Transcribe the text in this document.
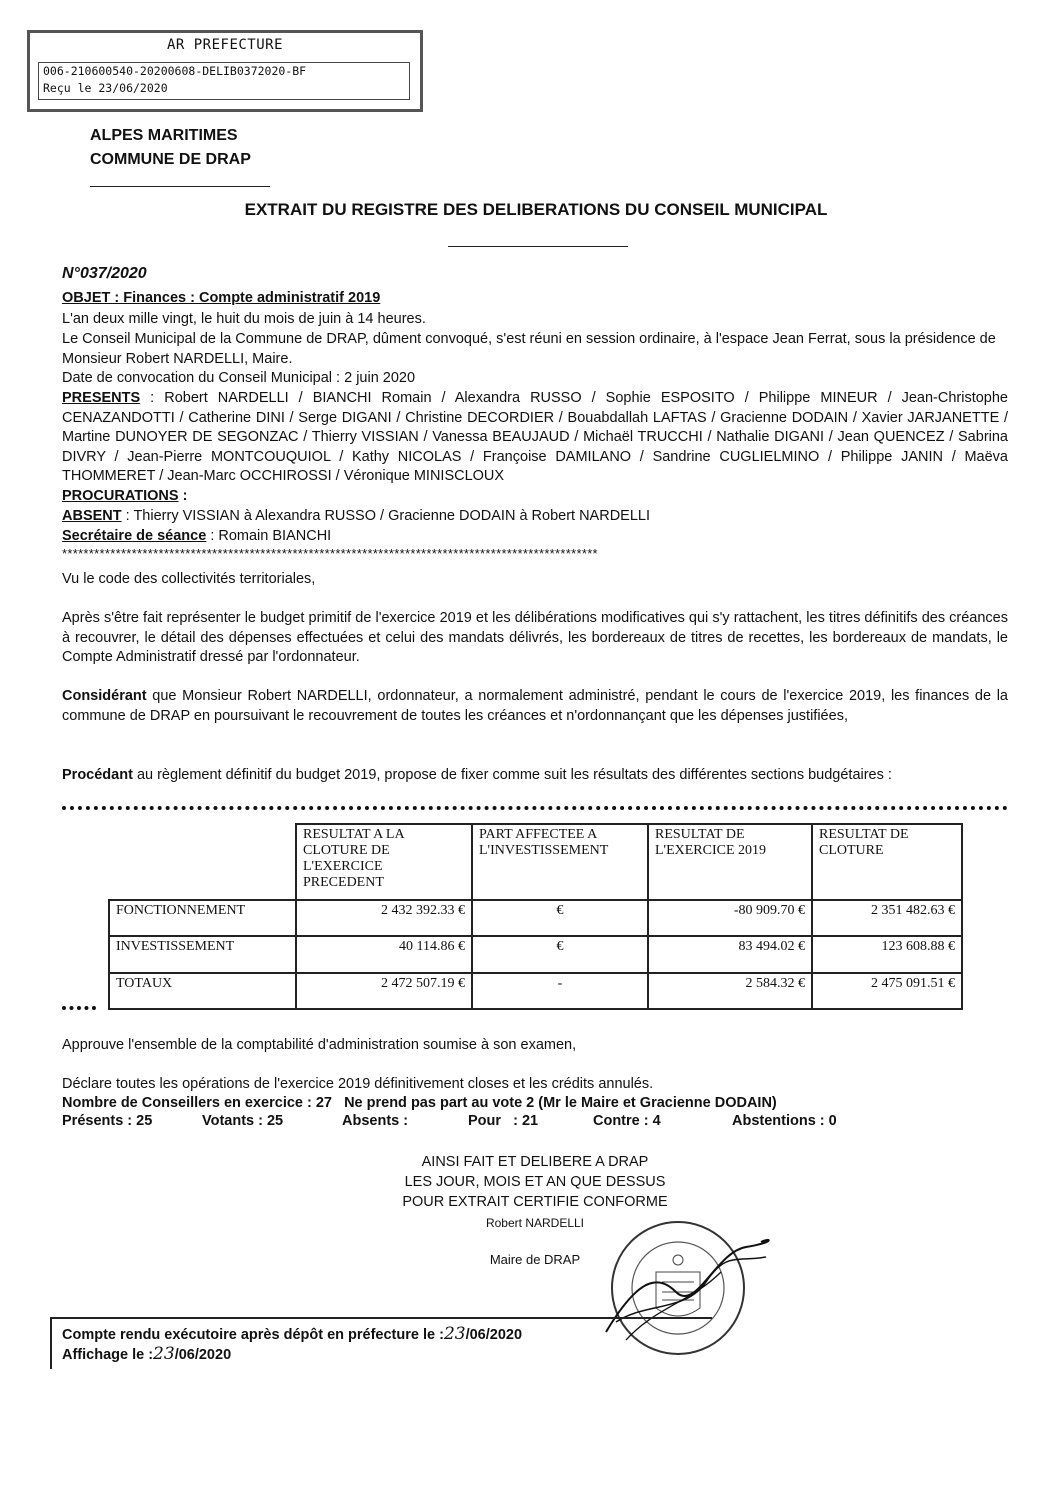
AR PREFECTURE
006-210600540-20200608-DELIB0372020-BF
Reçu le 23/06/2020
ALPES MARITIMES
COMMUNE DE DRAP
EXTRAIT DU REGISTRE DES DELIBERATIONS DU CONSEIL MUNICIPAL
N°037/2020
OBJET : Finances : Compte administratif 2019
L'an deux mille vingt, le huit du mois de juin à 14 heures.
Le Conseil Municipal de la Commune de DRAP, dûment convoqué, s'est réuni en session ordinaire, à l'espace Jean Ferrat, sous la présidence de Monsieur Robert NARDELLI, Maire.
Date de convocation du Conseil Municipal : 2 juin 2020
PRESENTS : Robert NARDELLI / BIANCHI Romain / Alexandra RUSSO / Sophie ESPOSITO / Philippe MINEUR / Jean-Christophe CENAZANDOTTI / Catherine DINI / Serge DIGANI / Christine DECORDIER / Bouabdallah LAFTAS / Gracienne DODAIN / Xavier JARJANETTE / Martine DUNOYER DE SEGONZAC / Thierry VISSIAN / Vanessa BEAUJAUD / Michaël TRUCCHI / Nathalie DIGANI / Jean QUENCEZ / Sabrina DIVRY / Jean-Pierre MONTCOUQUIOL / Kathy NICOLAS / Françoise DAMILANO / Sandrine CUGLIELMINO / Philippe JANIN / Maëva THOMMERET / Jean-Marc OCCHIROSSI / Véronique MINISCLOUX
PROCURATIONS :
ABSENT : Thierry VISSIAN à Alexandra RUSSO / Gracienne DODAIN à Robert NARDELLI
Secrétaire de séance : Romain BIANCHI
****************************************************************************************************
Vu le code des collectivités territoriales,
Après s'être fait représenter le budget primitif de l'exercice 2019 et les délibérations modificatives qui s'y rattachent, les titres définitifs des créances à recouvrer, le détail des dépenses effectuées et celui des mandats délivrés, les bordereaux de titres de recettes, les bordereaux de mandats, le Compte Administratif dressé par l'ordonnateur.
Considérant que Monsieur Robert NARDELLI, ordonnateur, a normalement administré, pendant le cours de l'exercice 2019, les finances de la commune de DRAP en poursuivant le recouvrement de toutes les créances et n'ordonnançant que les dépenses justifiées,
Procédant au règlement définitif du budget 2019, propose de fixer comme suit les résultats des différentes sections budgétaires :
	RESULTAT A LA CLOTURE DE L'EXERCICE PRECEDENT	PART AFFECTEE A L'INVESTISSEMENT	RESULTAT DE L'EXERCICE 2019	RESULTAT DE CLOTURE
FONCTIONNEMENT	2 432 392.33 €	€	-80 909.70 €	2 351 482.63 €
INVESTISSEMENT	40 114.86 €	€	83 494.02 €	123 608.88 €
TOTAUX	2 472 507.19 €	-	2 584.32 €	2 475 091.51 €
Approuve l'ensemble de la comptabilité d'administration soumise à son examen,
Déclare toutes les opérations de l'exercice 2019 définitivement closes et les crédits annulés.
Nombre de Conseillers en exercice : 27   Ne prend pas part au vote 2 (Mr le Maire et Gracienne DODAIN)
Présents : 25	Votants : 25	Absents :	Pour   : 21	Contre : 4	Abstentions : 0
AINSI FAIT ET DELIBERE A DRAP
LES JOUR, MOIS ET AN QUE DESSUS
POUR EXTRAIT CERTIFIE CONFORME
Robert NARDELLI
Maire de DRAP
Compte rendu exécutoire après dépôt en préfecture le :23/06/2020
Affichage le :23/06/2020
